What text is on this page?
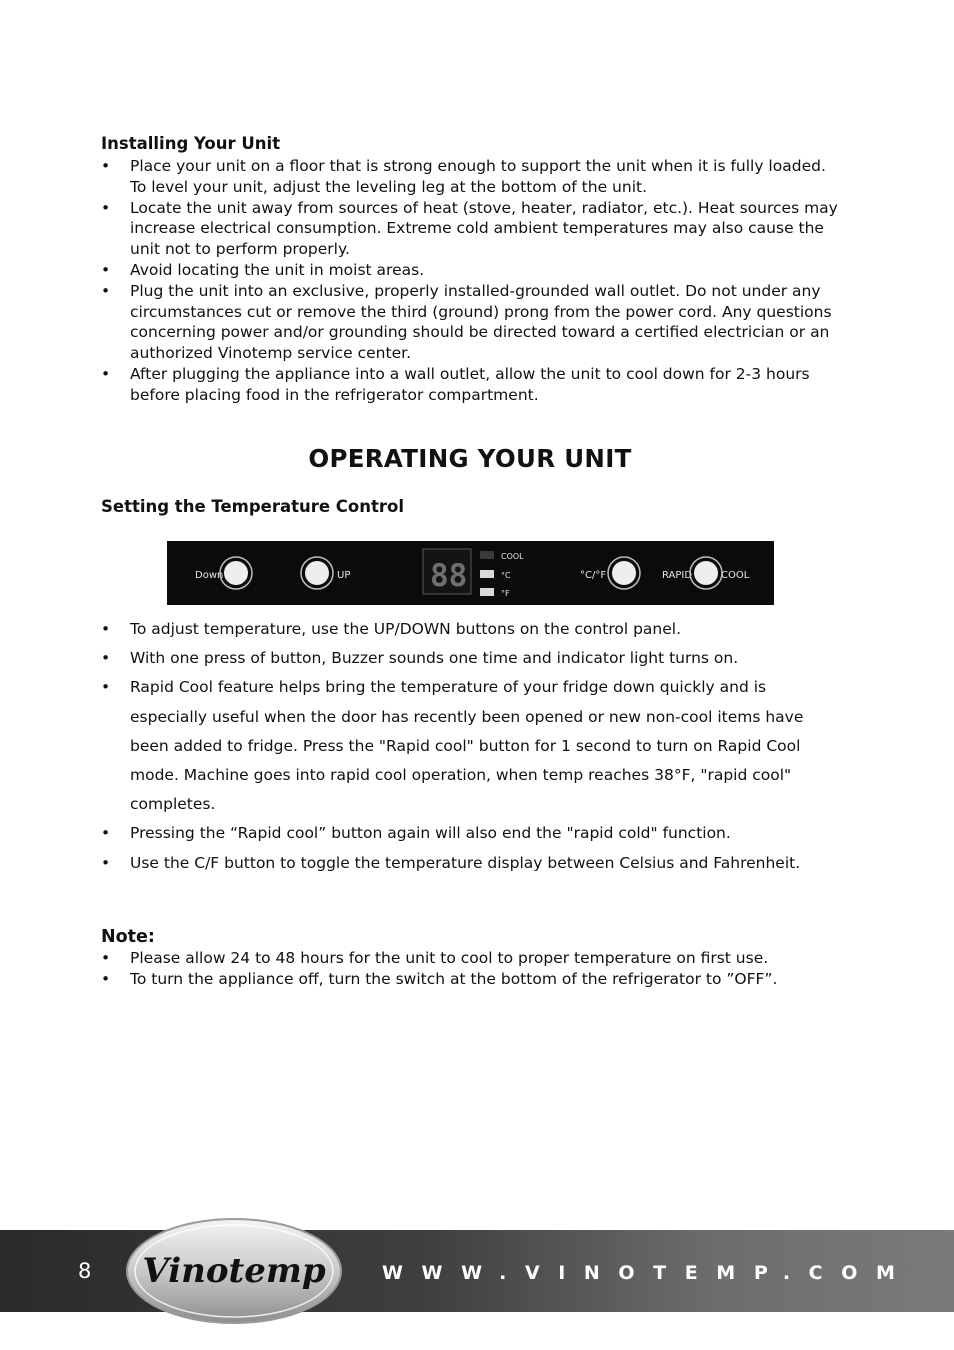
Installing Your Unit
• Place your unit on a floor that is strong enough to support the unit when it is fully loaded. To level your unit, adjust the leveling leg at the bottom of the unit.
• Locate the unit away from sources of heat (stove, heater, radiator, etc.). Heat sources may increase electrical consumption. Extreme cold ambient temperatures may also cause the unit not to perform properly.
• Avoid locating the unit in moist areas.
• Plug the unit into an exclusive, properly installed-grounded wall outlet. Do not under any circumstances cut or remove the third (ground) prong from the power cord. Any questions concerning power and/or grounding should be directed toward a certified electrician or an authorized Vinotemp service center.
• After plugging the appliance into a wall outlet, allow the unit to cool down for 2-3 hours before placing food in the refrigerator compartment.
OPERATING YOUR UNIT
Setting the Temperature Control
Down	UP	88
COOL
°C
°F
°C/°F	RAPID	COOL
• To adjust temperature, use the UP/DOWN buttons on the control panel.
• With one press of button, Buzzer sounds one time and indicator light turns on.
• Rapid Cool feature helps bring the temperature of your fridge down quickly and is especially useful when the door has recently been opened or new non-cool items have been added to fridge. Press the "Rapid cool" button for 1 second to turn on Rapid Cool mode. Machine goes into rapid cool operation, when temp reaches 38°F, "rapid cool" completes.
• Pressing the “Rapid cool” button again will also end the "rapid cold" function.
• Use the C/F button to toggle the temperature display between Celsius and Fahrenheit.
Note:
• Please allow 24 to 48 hours for the unit to cool to proper temperature on first use.
• To turn the appliance off, turn the switch at the bottom of the refrigerator to ”OFF”.
8 Vinotemp	WWW.VINOTEMP.COM
